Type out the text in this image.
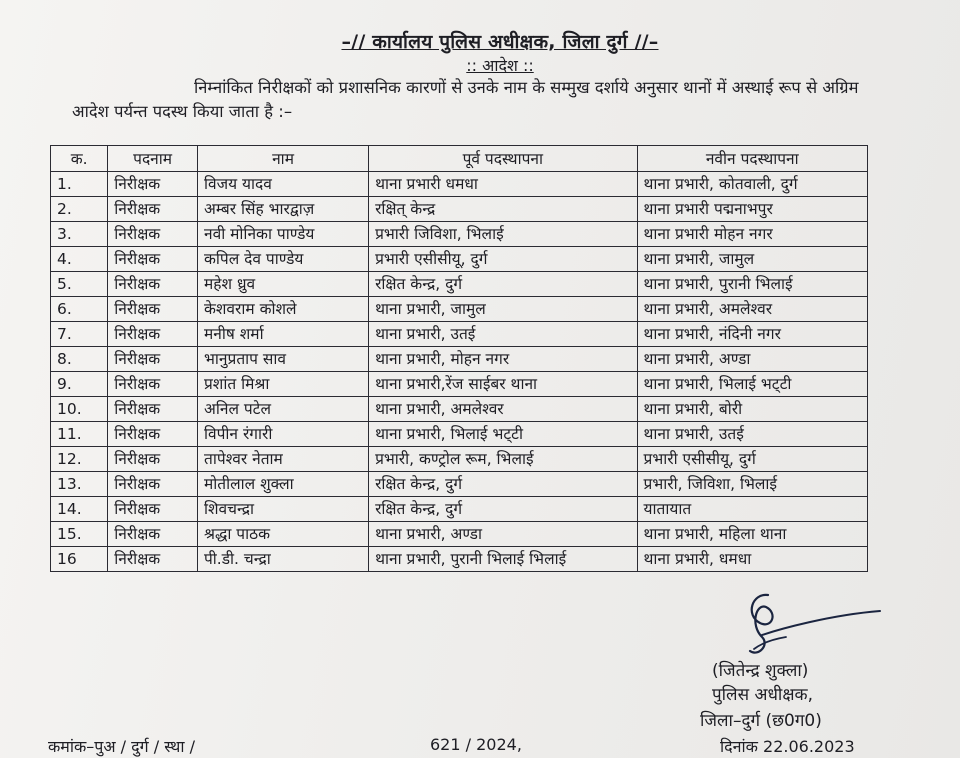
–// कार्यालय पुलिस अधीक्षक, जिला दुर्ग //–
:: आदेश ::
निम्नांकित निरीक्षकों को प्रशासनिक कारणों से उनके नाम के सम्मुख दर्शाये अनुसार थानों में अस्थाई रूप से अग्रिम आदेश पर्यन्त पदस्थ किया जाता है :–
क.	पदनाम	नाम	पूर्व पदस्थापना	नवीन पदस्थापना
1.	निरीक्षक	विजय यादव	थाना प्रभारी धमधा	थाना प्रभारी, कोतवाली, दुर्ग
2.	निरीक्षक	अम्बर सिंह भारद्वाज़	रक्षित् केन्द्र	थाना प्रभारी पद्मनाभपुर
3.	निरीक्षक	नवी मोनिका पाण्डेय	प्रभारी जिविशा, भिलाई	थाना प्रभारी मोहन नगर
4.	निरीक्षक	कपिल देव पाण्डेय	प्रभारी एसीसीयू, दुर्ग	थाना प्रभारी, जामुल
5.	निरीक्षक	महेश ध्रुव	रक्षित केन्द्र, दुर्ग	थाना प्रभारी, पुरानी भिलाई
6.	निरीक्षक	केशवराम कोशले	थाना प्रभारी, जामुल	थाना प्रभारी, अमलेश्वर
7.	निरीक्षक	मनीष शर्मा	थाना प्रभारी, उतई	थाना प्रभारी, नंदिनी नगर
8.	निरीक्षक	भानुप्रताप साव	थाना प्रभारी, मोहन नगर	थाना प्रभारी, अण्डा
9.	निरीक्षक	प्रशांत मिश्रा	थाना प्रभारी,रेंज साईबर थाना	थाना प्रभारी, भिलाई भट्‌टी
10.	निरीक्षक	अनिल पटेल	थाना प्रभारी, अमलेश्वर	थाना प्रभारी, बोरी
11.	निरीक्षक	विपीन रंगारी	थाना प्रभारी, भिलाई भट्‌टी	थाना प्रभारी, उतई
12.	निरीक्षक	तापेश्वर नेताम	प्रभारी, कण्ट्रोल रूम, भिलाई	प्रभारी एसीसीयू, दुर्ग
13.	निरीक्षक	मोतीलाल शुक्ला	रक्षित केन्द्र, दुर्ग	प्रभारी, जिविशा, भिलाई
14.	निरीक्षक	शिवचन्द्रा	रक्षित केन्द्र, दुर्ग	यातायात
15.	निरीक्षक	श्रद्धा पाठक	थाना प्रभारी, अण्डा	थाना प्रभारी, महिला थाना
16	निरीक्षक	पी.डी. चन्द्रा	थाना प्रभारी, पुरानी भिलाई भिलाई	थाना प्रभारी, धमधा
(जितेन्द्र शुक्ला)
पुलिस अधीक्षक,
जिला–दुर्ग (छ0ग0)
दिनांक 22.06.2023
कमांक–पुअ / दुर्ग / स्था /	621 / 2024,
